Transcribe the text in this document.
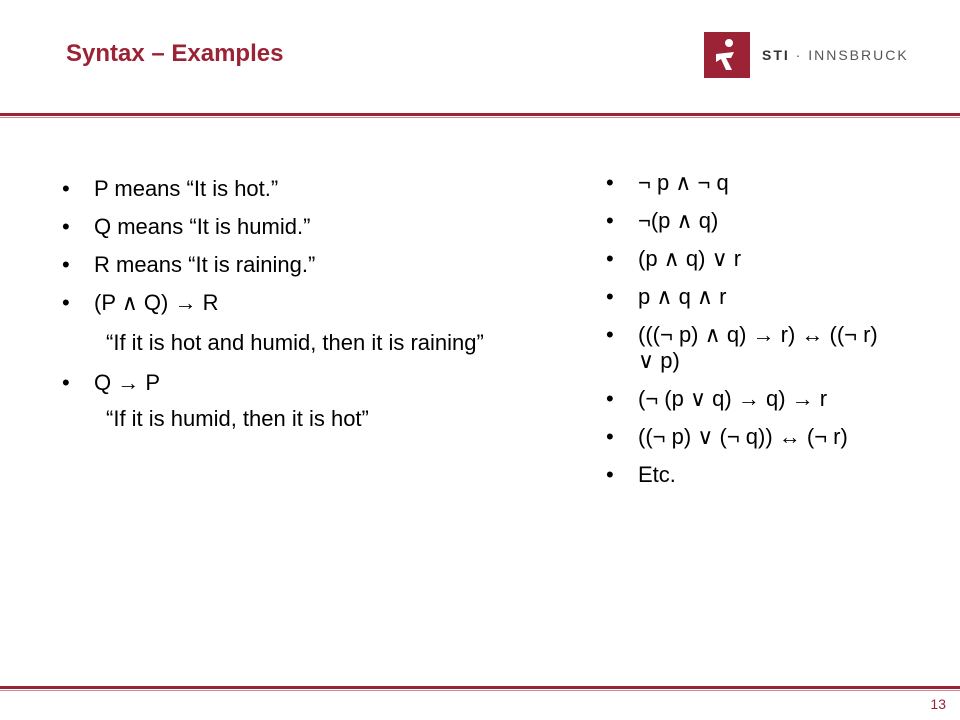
Syntax – Examples	STI · INNSBRUCK
• P means “It is hot.”
• Q means “It is humid.”
• R means “It is raining.”
• (P ∧ Q) → R
“If it is hot and humid, then it is raining”
• Q → P
“If it is humid, then it is hot”
• ¬ p ∧ ¬ q
• ¬(p ∧ q)
• (p ∧ q) ∨ r
• p ∧ q ∧ r
• (((¬ p) ∧ q) → r) ↔ ((¬ r)
∨ p)
• (¬ (p ∨ q) → q) → r
• ((¬ p) ∨ (¬ q)) ↔ (¬ r)
• Etc.
13
